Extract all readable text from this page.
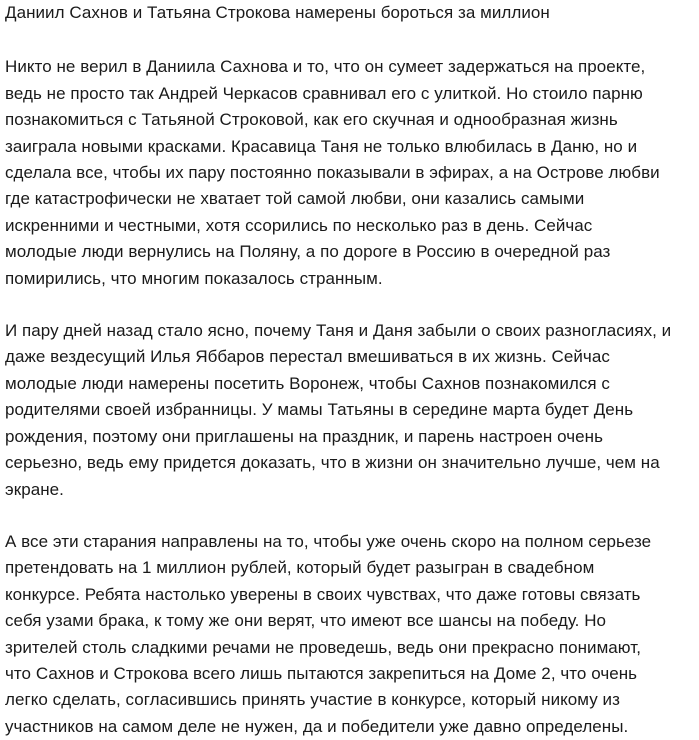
Даниил Сахнов и Татьяна Строкова намерены бороться за миллион

Никто не верил в Даниила Сахнова и то, что он сумеет задержаться на проекте,
ведь не просто так Андрей Черкасов сравнивал его с улиткой. Но стоило парню
познакомиться с Татьяной Строковой, как его скучная и однообразная жизнь
заиграла новыми красками. Красавица Таня не только влюбилась в Даню, но и
сделала все, чтобы их пару постоянно показывали в эфирах, а на Острове любви
где катастрофически не хватает той самой любви, они казались самыми
искренними и честными, хотя ссорились по несколько раз в день. Сейчас
молодые люди вернулись на Поляну, а по дороге в Россию в очередной раз
помирились, что многим показалось странным.

И пару дней назад стало ясно, почему Таня и Даня забыли о своих разногласиях, и
даже вездесущий Илья Яббаров перестал вмешиваться в их жизнь. Сейчас
молодые люди намерены посетить Воронеж, чтобы Сахнов познакомился с
родителями своей избранницы. У мамы Татьяны в середине марта будет День
рождения, поэтому они приглашены на праздник, и парень настроен очень
серьезно, ведь ему придется доказать, что в жизни он значительно лучше, чем на
экране.

А все эти старания направлены на то, чтобы уже очень скоро на полном серьезе
претендовать на 1 миллион рублей, который будет разыгран в свадебном
конкурсе. Ребята настолько уверены в своих чувствах, что даже готовы связать
себя узами брака, к тому же они верят, что имеют все шансы на победу. Но
зрителей столь сладкими речами не проведешь, ведь они прекрасно понимают,
что Сахнов и Строкова всего лишь пытаются закрепиться на Доме 2, что очень
легко сделать, согласившись принять участие в конкурсе, который никому из
участников на самом деле не нужен, да и победители уже давно определены.
